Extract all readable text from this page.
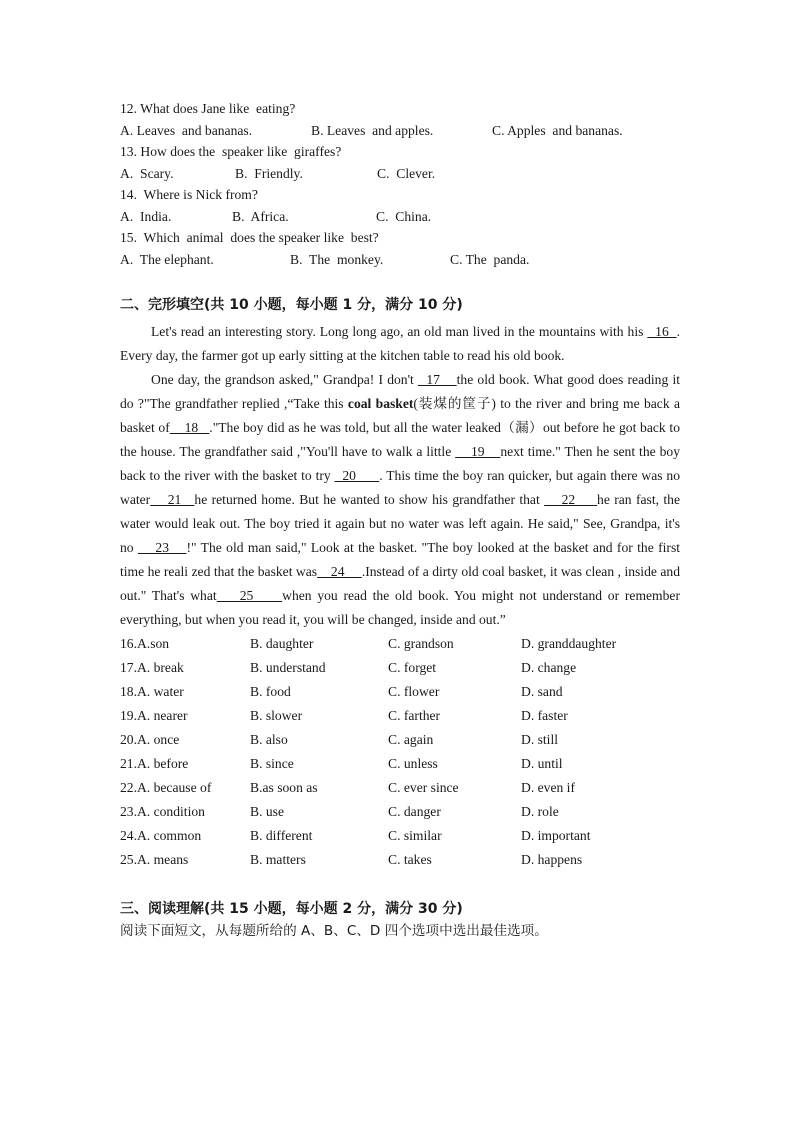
12. What does Jane like  eating?
A. Leaves  and bananas.	B. Leaves  and apples.	C. Apples  and bananas.
13. How does the  speaker like  giraffes?
A.  Scary.	B.  Friendly.	C.  Clever.
14.  Where is Nick from?
A.  India.	B.  Africa.	C.  China.
15.  Which  animal  does the speaker like  best?
A.  The elephant.	B.  The  monkey.	C. The  panda.
二、完形填空(共 10 小题，每小题 1 分，满分 10 分)
Let's read an interesting story. Long long ago, an old man lived in the mountains with his   16  . Every day, the farmer got up early sitting at the kitchen table to read his old book.
One day, the grandson asked," Grandpa! I don't   17    the old book. What good does reading it do ?"The grandfather replied ,“Take this coal basket(装煤的筐子) to the river and bring me back a basket of    18   ."The boy did as he was told, but all the water leaked（漏）out before he got back to the house. The grandfather said ,"You'll have to walk a little     19    next time." Then he sent the boy back to the river with the basket to try   20      . This time the boy ran quicker, but again there was no water    21   he returned home. But he wanted to show his grandfather that     22     he ran fast, the water would leak out. The boy tried it again but no water was left again. He said," See, Grandpa, it's no     23    !" The old man said," Look at the basket. "The boy looked at the basket and for the first time he reali zed that the basket was    24     .Instead of a dirty old coal basket, it was clean , inside and out." That's what    25     when you read the old book. You might not understand or remember everything, but when you read it, you will be changed, inside and out.”
16.A.son	B. daughter	C. grandson	D. granddaughter
17.A. break	B. understand	C. forget	D. change
18.A. water	B. food	C. flower	D. sand
19.A. nearer	B. slower	C. farther	D. faster
20.A. once	B. also	C. again	D. still
21.A. before	B. since	C. unless	D. until
22.A. because of	B.as soon as	C. ever since	D. even if
23.A. condition	B. use	C. danger	D. role
24.A. common	B. different	C. similar	D. important
25.A. means	B. matters	C. takes	D. happens
三、阅读理解(共 15 小题，每小题 2 分，满分 30 分)
阅读下面短文，从每题所给的 A、B、C、D 四个选项中选出最佳选项。
